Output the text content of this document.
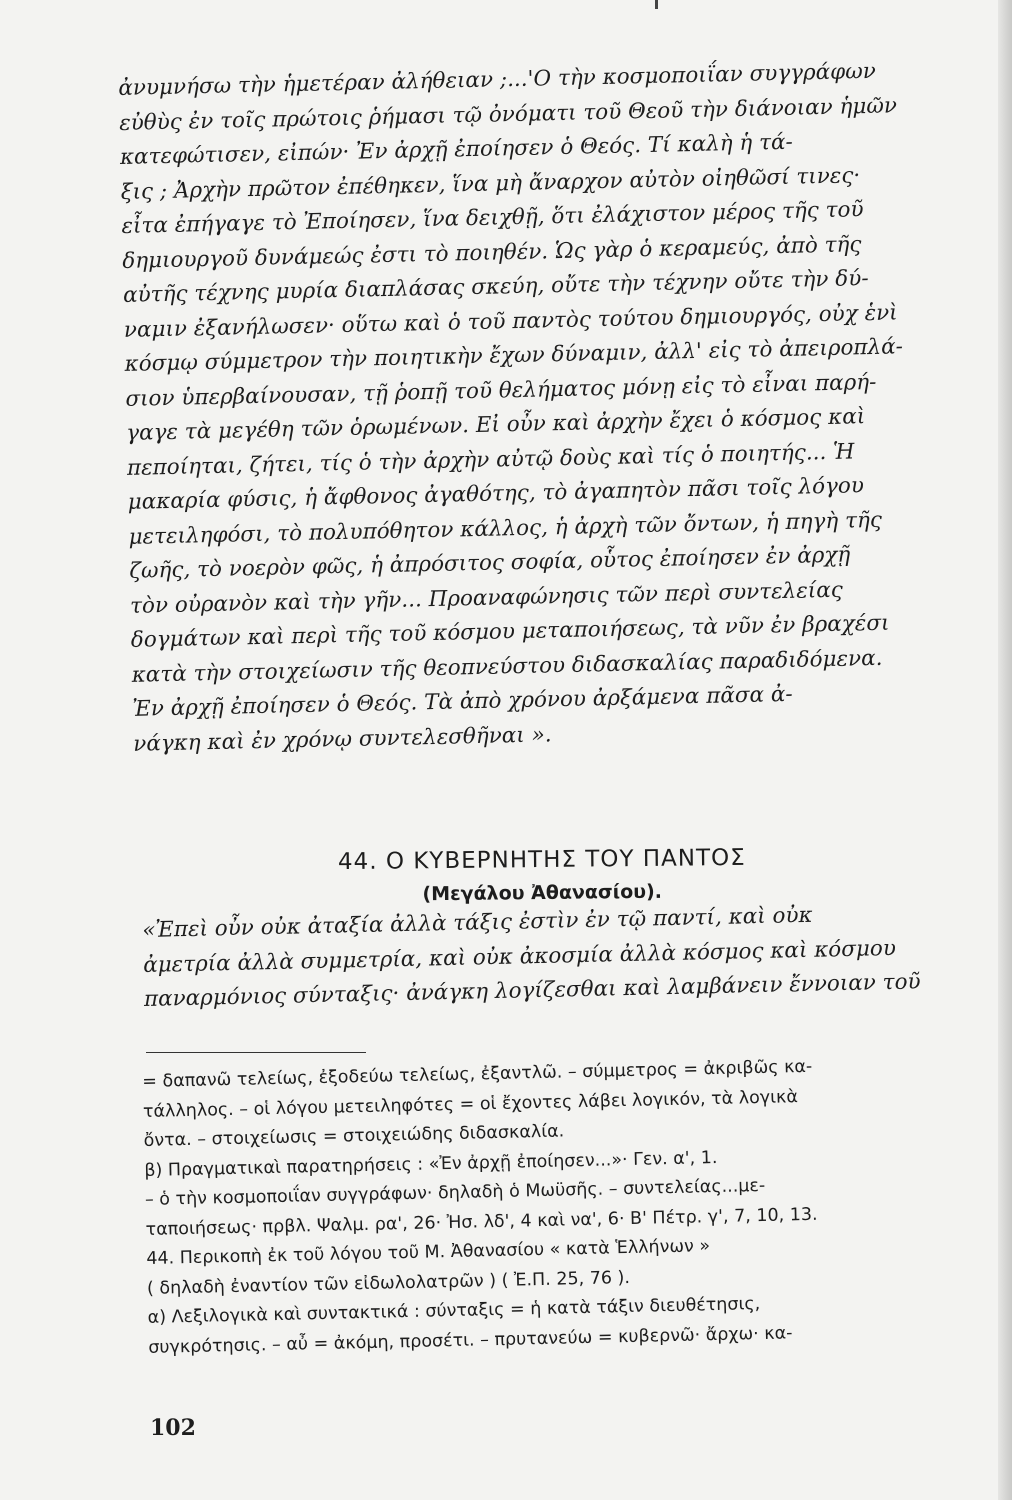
ἀνυμνήσω τὴν ἡμετέραν ἀλήθειαν ;...'Ο τὴν κοσμοποιΐαν συγγράφων
εὐθὺς ἐν τοῖς πρώτοις ῥήμασι τῷ ὀνόματι τοῦ Θεοῦ τὴν διάνοιαν ἡμῶν
κατεφώτισεν, εἰπών· Ἐν ἀρχῇ ἐποίησεν ὁ Θεός. Τί καλὴ ἡ τά-
ξις ; Ἀρχὴν πρῶτον ἐπέθηκεν, ἵνα μὴ ἄναρχον αὐτὸν οἰηθῶσί τινες·
εἶτα ἐπήγαγε τὸ Ἐποίησεν, ἵνα δειχθῇ, ὅτι ἐλάχιστον μέρος τῆς τοῦ
δημιουργοῦ δυνάμεώς ἐστι τὸ ποιηθέν. Ὡς γὰρ ὁ κεραμεύς, ἀπὸ τῆς
αὐτῆς τέχνης μυρία διαπλάσας σκεύη, οὔτε τὴν τέχνην οὔτε τὴν δύ-
ναμιν ἐξανήλωσεν· οὕτω καὶ ὁ τοῦ παντὸς τούτου δημιουργός, οὐχ ἑνὶ
κόσμῳ σύμμετρον τὴν ποιητικὴν ἔχων δύναμιν, ἀλλ' εἰς τὸ ἀπειροπλά-
σιον ὑπερβαίνουσαν, τῇ ῥοπῇ τοῦ θελήματος μόνῃ εἰς τὸ εἶναι παρή-
γαγε τὰ μεγέθη τῶν ὁρωμένων. Εἰ οὖν καὶ ἀρχὴν ἔχει ὁ κόσμος καὶ
πεποίηται, ζήτει, τίς ὁ τὴν ἀρχὴν αὐτῷ δοὺς καὶ τίς ὁ ποιητής... Ἡ
μακαρία φύσις, ἡ ἄφθονος ἀγαθότης, τὸ ἀγαπητὸν πᾶσι τοῖς λόγου
μετειληφόσι, τὸ πολυπόθητον κάλλος, ἡ ἀρχὴ τῶν ὄντων, ἡ πηγὴ τῆς
ζωῆς, τὸ νοερὸν φῶς, ἡ ἀπρόσιτος σοφία, οὗτος ἐποίησεν ἐν ἀρχῇ
τὸν οὐρανὸν καὶ τὴν γῆν... Προαναφώνησις τῶν περὶ συντελείας
δογμάτων καὶ περὶ τῆς τοῦ κόσμου μεταποιήσεως, τὰ νῦν ἐν βραχέσι
κατὰ τὴν στοιχείωσιν τῆς θεοπνεύστου διδασκαλίας παραδιδόμενα.
Ἐν ἀρχῇ ἐποίησεν ὁ Θεός. Τὰ ἀπὸ χρόνου ἀρξάμενα πᾶσα ἀ-
νάγκη καὶ ἐν χρόνῳ συντελεσθῆναι ».
44. Ο ΚΥΒΕΡΝΗΤΗΣ ΤΟΥ ΠΑΝΤΟΣ
(Μεγάλου Ἀθανασίου).
«Ἐπεὶ οὖν οὐκ ἀταξία ἀλλὰ τάξις ἐστὶν ἐν τῷ παντί, καὶ οὐκ
ἀμετρία ἀλλὰ συμμετρία, καὶ οὐκ ἀκοσμία ἀλλὰ κόσμος καὶ κόσμου
παναρμόνιος σύνταξις· ἀνάγκη λογίζεσθαι καὶ λαμβάνειν ἔννοιαν τοῦ
= δαπανῶ τελείως, ἐξοδεύω τελείως, ἐξαντλῶ. – σύμμετρος = ἀκριβῶς κα-
τάλληλος. – οἱ λόγου μετειληφότες = οἱ ἔχοντες λάβει λογικόν, τὰ λογικὰ
ὄντα. – στοιχείωσις = στοιχειώδης διδασκαλία.
β) Πραγματικαὶ παρατηρήσεις : «Ἐν ἀρχῇ ἐποίησεν...»· Γεν. α', 1.
– ὁ τὴν κοσμοποιΐαν συγγράφων· δηλαδὴ ὁ Μωϋσῆς. – συντελείας...με-
ταποιήσεως· πρβλ. Ψαλμ. ρα', 26· Ἠσ. λδ', 4 καὶ να', 6· Β' Πέτρ. γ', 7, 10, 13.
44. Περικοπὴ ἐκ τοῦ λόγου τοῦ Μ. Ἀθανασίου « κατὰ Ἑλλήνων »
( δηλαδὴ ἐναντίον τῶν εἰδωλολατρῶν ) ( Ἐ.Π. 25, 76 ).
α) Λεξιλογικὰ καὶ συντακτικά : σύνταξις = ἡ κατὰ τάξιν διευθέτησις,
συγκρότησις. – αὖ = ἀκόμη, προσέτι. – πρυτανεύω = κυβερνῶ· ἄρχω· κα-
102
